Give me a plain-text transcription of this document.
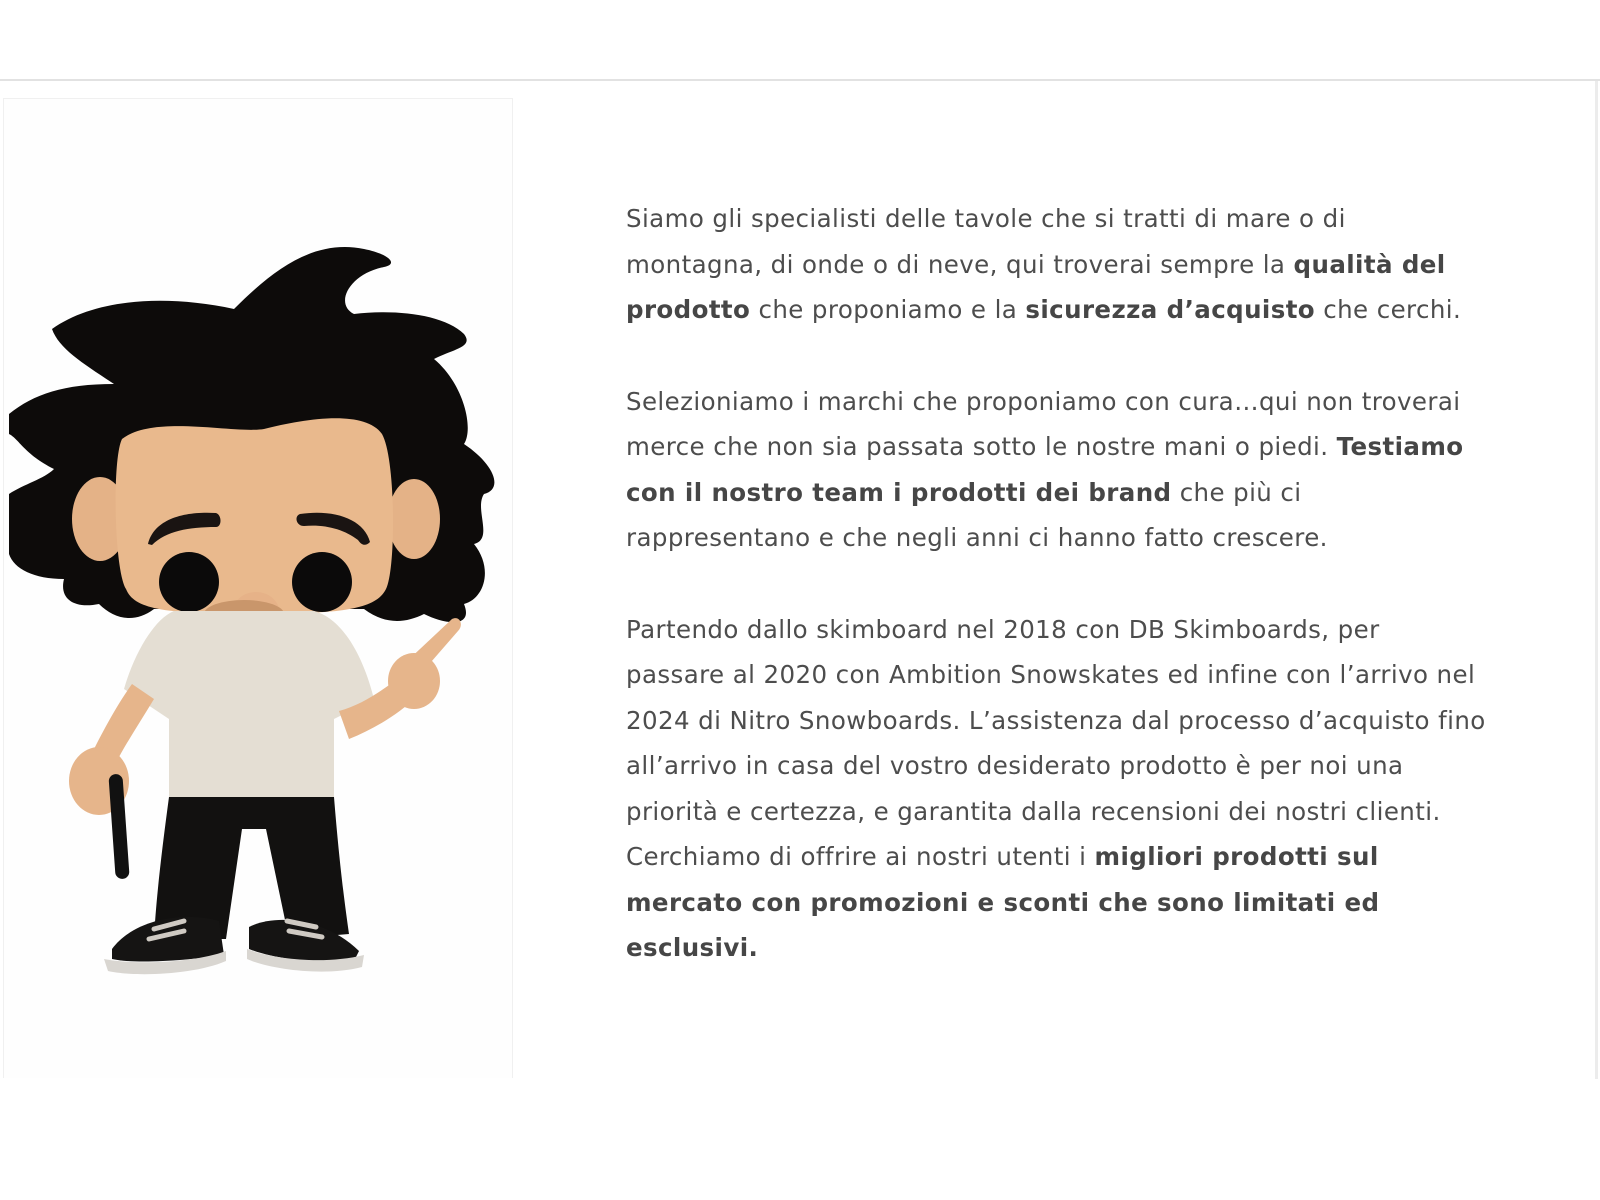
Siamo gli specialisti delle tavole che si tratti di mare o di montagna, di onde o di neve, qui troverai sempre la qualità del prodotto che proponiamo e la sicurezza d’acquisto che cerchi.

Selezioniamo i marchi che proponiamo con cura…qui non troverai merce che non sia passata sotto le nostre mani o piedi. Testiamo con il nostro team i prodotti dei brand che più ci rappresentano e che negli anni ci hanno fatto crescere.

Partendo dallo skimboard nel 2018 con DB Skimboards, per passare al 2020 con Ambition Snowskates ed infine con l’arrivo nel 2024 di Nitro Snowboards. L’assistenza dal processo d’acquisto fino all’arrivo in casa del vostro desiderato prodotto è per noi una priorità e certezza, e garantita dalla recensioni dei nostri clienti. Cerchiamo di offrire ai nostri utenti i migliori prodotti sul mercato con promozioni e sconti che sono limitati ed esclusivi.
